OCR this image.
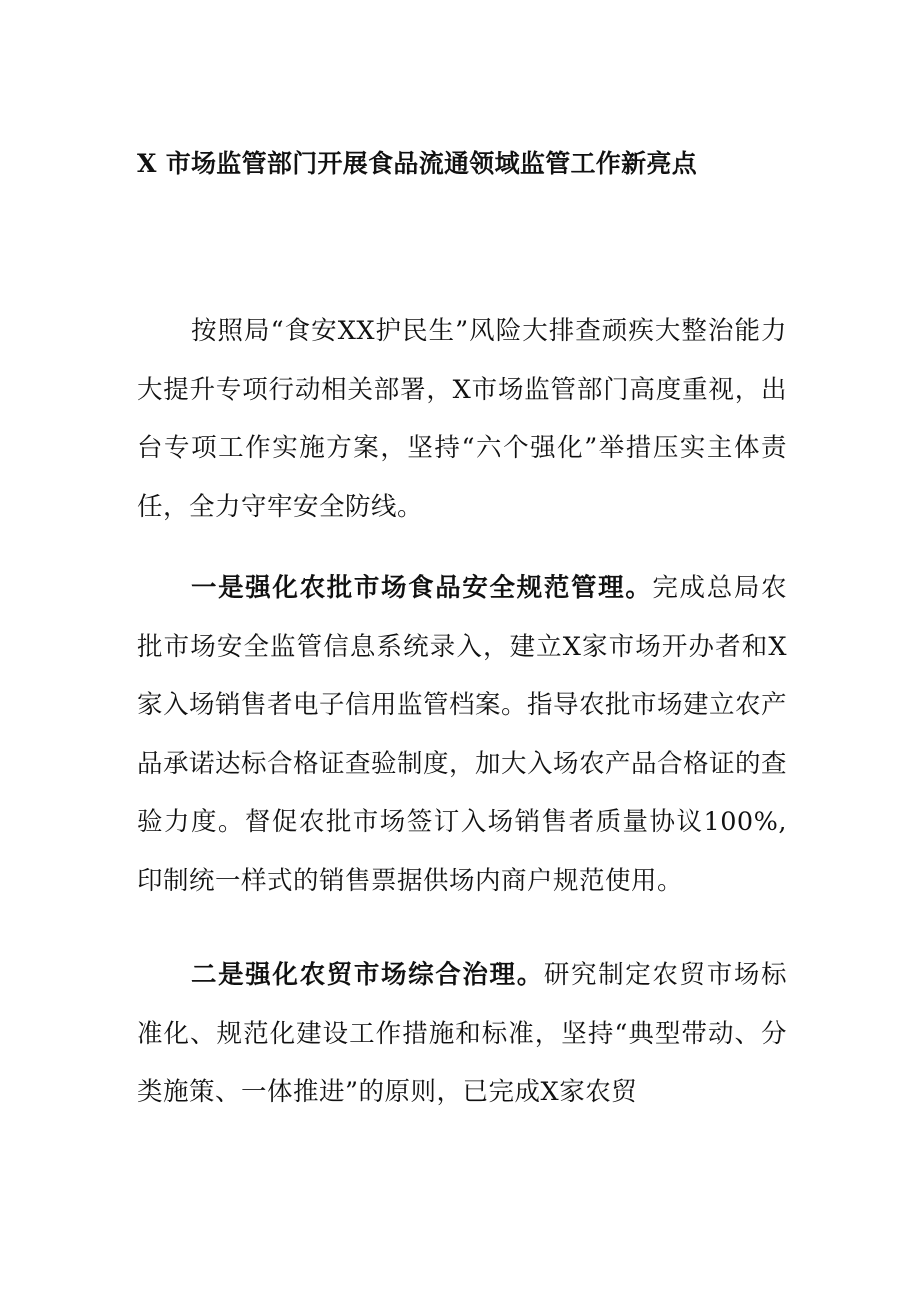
X 市场监管部门开展食品流通领域监管工作新亮点

按照局“食安XX护民生”风险大排查顽疾大整治能力大提升专项行动相关部署，X市场监管部门高度重视，出台专项工作实施方案，坚持“六个强化”举措压实主体责任，全力守牢安全防线。

一是强化农批市场食品安全规范管理。完成总局农批市场安全监管信息系统录入，建立X家市场开办者和X家入场销售者电子信用监管档案。指导农批市场建立农产品承诺达标合格证查验制度，加大入场农产品合格证的查验力度。督促农批市场签订入场销售者质量协议100%,印制统一样式的销售票据供场内商户规范使用。

二是强化农贸市场综合治理。研究制定农贸市场标准化、规范化建设工作措施和标准，坚持“典型带动、分类施策、一体推进”的原则，已完成X家农贸
